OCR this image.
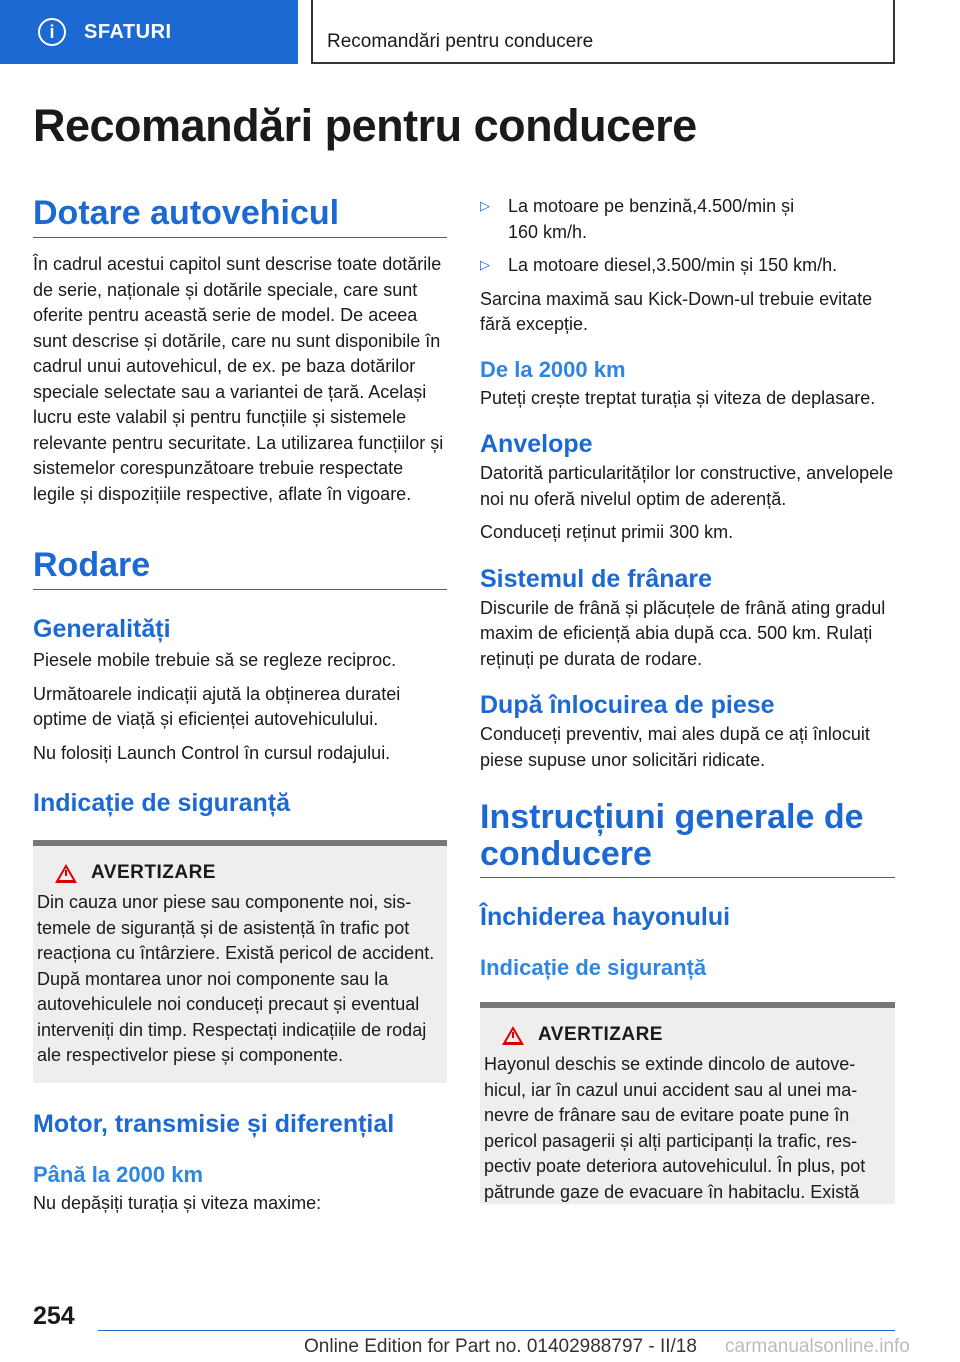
i	SFATURI	Recomandări pentru conducere
Recomandări pentru conducere
Dotare autovehicul

În cadrul acestui capitol sunt descrise toate dotările de serie, naționale și dotările speciale, care sunt oferite pentru această serie de model. De aceea sunt descrise și dotările, care nu sunt disponibile în cadrul unui autovehicul, de ex. pe baza dotărilor speciale selectate sau a variantei de țară. Același lucru este valabil și pentru funcțiile și sistemele relevante pentru securitate. La utilizarea funcțiilor și sistemelor corespunzătoare trebuie respectate legile și dispozițiile respective, aflate în vigoare.

Rodare
Generalități

Piesele mobile trebuie să se regleze reciproc.

Următoarele indicații ajută la obținerea duratei optime de viață și eficienței autovehiculului.

Nu folosiți Launch Control în cursul rodajului.

Indicație de siguranță
AVERTIZARE

Din cauza unor piese sau componente noi, sistemele de siguranță și de asistență în trafic pot reacționa cu întârziere. Există pericol de accident. După montarea unor noi componente sau la autovehiculele noi conduceți precaut și eventual interveniți din timp. Respectați indicațiile de rodaj ale respectivelor piese și componente.

Motor, transmisie și diferențial
Până la 2000 km

Nu depășiți turația și viteza maxime:

▷	La motoare pe benzină,4.500/min și 160 km/h.

▷	La motoare diesel,3.500/min și 150 km/h.

Sarcina maximă sau Kick-Down-ul trebuie evitate fără excepție.

De la 2000 km

Puteți crește treptat turația și viteza de deplasare.

Anvelope

Datorită particularităților lor constructive, anvelopele noi nu oferă nivelul optim de aderență.

Conduceți reținut primii 300 km.

Sistemul de frânare

Discurile de frână și plăcuțele de frână ating gradul maxim de eficiență abia după cca. 500 km. Rulați reținuți pe durata de rodare.

După înlocuirea de piese

Conduceți preventiv, mai ales după ce ați înlocuit piese supuse unor solicitări ridicate.

Instrucțiuni generale de conducere
Închiderea hayonului
Indicație de siguranță
AVERTIZARE

Hayonul deschis se extinde dincolo de autovehicul, iar în cazul unui accident sau al unei manevre de frânare sau de evitare poate pune în pericol pasagerii și alți participanți la trafic, respectiv poate deteriora autovehiculul. În plus, pot pătrunde gaze de evacuare în habitaclu. Există

254
Online Edition for Part no. 01402988797 - II/18 carmanualsonline.info
